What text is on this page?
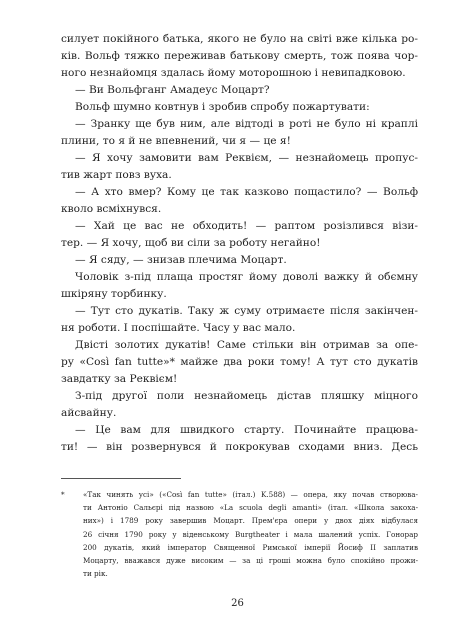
силует покійного батька, якого не було на світі вже кілька ро-
ків. Вольф тяжко переживав батькову смерть, тож поява чор-
ного незнайомця здалась йому моторошною і невипадковою.
— Ви Вольфганг Амадеус Моцарт?
Вольф шумно ковтнув і зробив спробу пожартувати:
— Зранку ще був ним, але відтоді в роті не було ні краплі
плини, то я й не впевнений, чи я — це я!
— Я хочу замовити вам Реквієм, — незнайомець пропус-
тив жарт повз вуха.
— А хто вмер? Кому це так казково пощастило? — Вольф
кволо всміхнувся.
— Хай це вас не обходить! — раптом розізлився візи-
тер. — Я хочу, щоб ви сіли за роботу негайно!
— Я сяду, — знизав плечима Моцарт.
Чоловік з-під плаща простяг йому доволі важку й обємну
шкіряну торбинку.
— Тут сто дукатів. Таку ж суму отримаєте після закінчен-
ня роботи. І поспішайте. Часу у вас мало.
Двісті золотих дукатів! Саме стільки він отримав за опе-
ру «Così fan tutte»* майже два роки тому! А тут сто дукатів
завдатку за Реквієм!
З-під другої поли незнайомець дістав пляшку міцного
айсвайну.
— Це вам для швидкого старту. Починайте працюва-
ти! — він розвернувся й покрокував сходами вниз. Десь
*	«Так чинять усі» («Così fan tutte» (італ.) K.588) — опера, яку почав створюва-
ти Антоніо Сальєрі під назвою «La scuola degli amanti» (італ. «Школа закоха-
них») і 1789 року завершив Моцарт. Прем'єра опери у двох діях відбулася
26 січня 1790 року у віденському Burgtheater і мала шалений успіх. Гонорар
200 дукатів, який імператор Священної Римської імперії Йосиф II заплатив
Моцарту, вважався дуже високим — за ці гроші можна було спокійно прожи-
ти рік.
26
